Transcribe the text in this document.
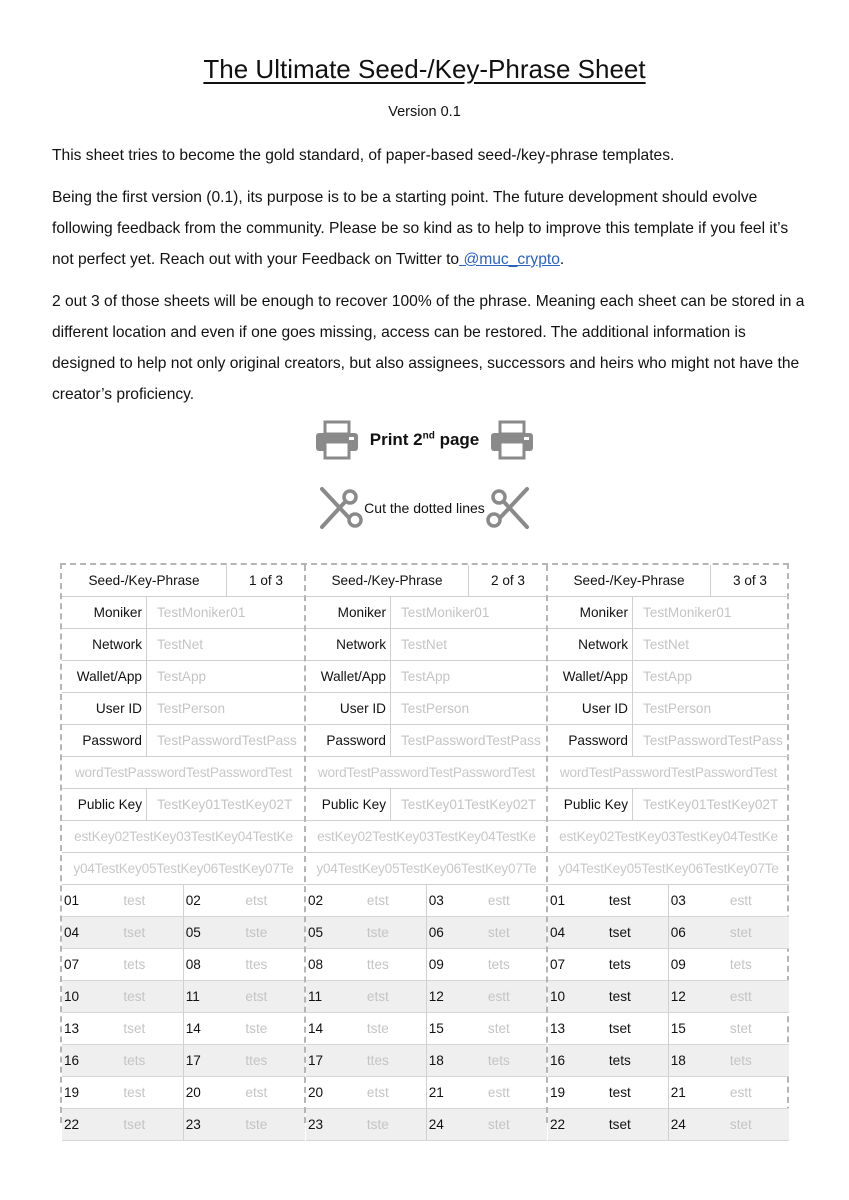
The Ultimate Seed-/Key-Phrase Sheet
Version 0.1
This sheet tries to become the gold standard, of paper-based seed-/key-phrase templates.
Being the first version (0.1), its purpose is to be a starting point. The future development should evolve following feedback from the community. Please be so kind as to help to improve this template if you feel it’s not perfect yet. Reach out with your Feedback on Twitter to @muc_crypto.
2 out 3 of those sheets will be enough to recover 100% of the phrase. Meaning each sheet can be stored in a different location and even if one goes missing, access can be restored. The additional information is designed to help not only original creators, but also assignees, successors and heirs who might not have the creator’s proficiency.
Print 2nd page
Cut the dotted lines
Seed-/Key-Phrase	1 of 3
Moniker	TestMoniker01
Network	TestNet
Wallet/App	TestApp
User ID	TestPerson
Password	TestPasswordTestPass
wordTestPasswordTestPasswordTest	
Public Key	TestKey01TestKey02T
estKey02TestKey03TestKey04TestKe	
y04TestKey05TestKey06TestKey07Te	
01	test	02	etst
04	tset	05	tste
07	tets	08	ttes
10	test	11	etst
13	tset	14	tste
16	tets	17	ttes
19	test	20	etst
22	tset	23	tste
Seed-/Key-Phrase	2 of 3
Moniker	TestMoniker01
Network	TestNet
Wallet/App	TestApp
User ID	TestPerson
Password	TestPasswordTestPass
wordTestPasswordTestPasswordTest	
Public Key	TestKey01TestKey02T
estKey02TestKey03TestKey04TestKe	
y04TestKey05TestKey06TestKey07Te	
02	etst	03	estt
05	tste	06	stet
08	ttes	09	tets
11	etst	12	estt
14	tste	15	stet
17	ttes	18	tets
20	etst	21	estt
23	tste	24	stet
Seed-/Key-Phrase	3 of 3
Moniker	TestMoniker01
Network	TestNet
Wallet/App	TestApp
User ID	TestPerson
Password	TestPasswordTestPass
wordTestPasswordTestPasswordTest	
Public Key	TestKey01TestKey02T
estKey02TestKey03TestKey04TestKe	
y04TestKey05TestKey06TestKey07Te	
01	test	03	estt
04	tset	06	stet
07	tets	09	tets
10	test	12	estt
13	tset	15	stet
16	tets	18	tets
19	test	21	estt
22	tset	24	stet
